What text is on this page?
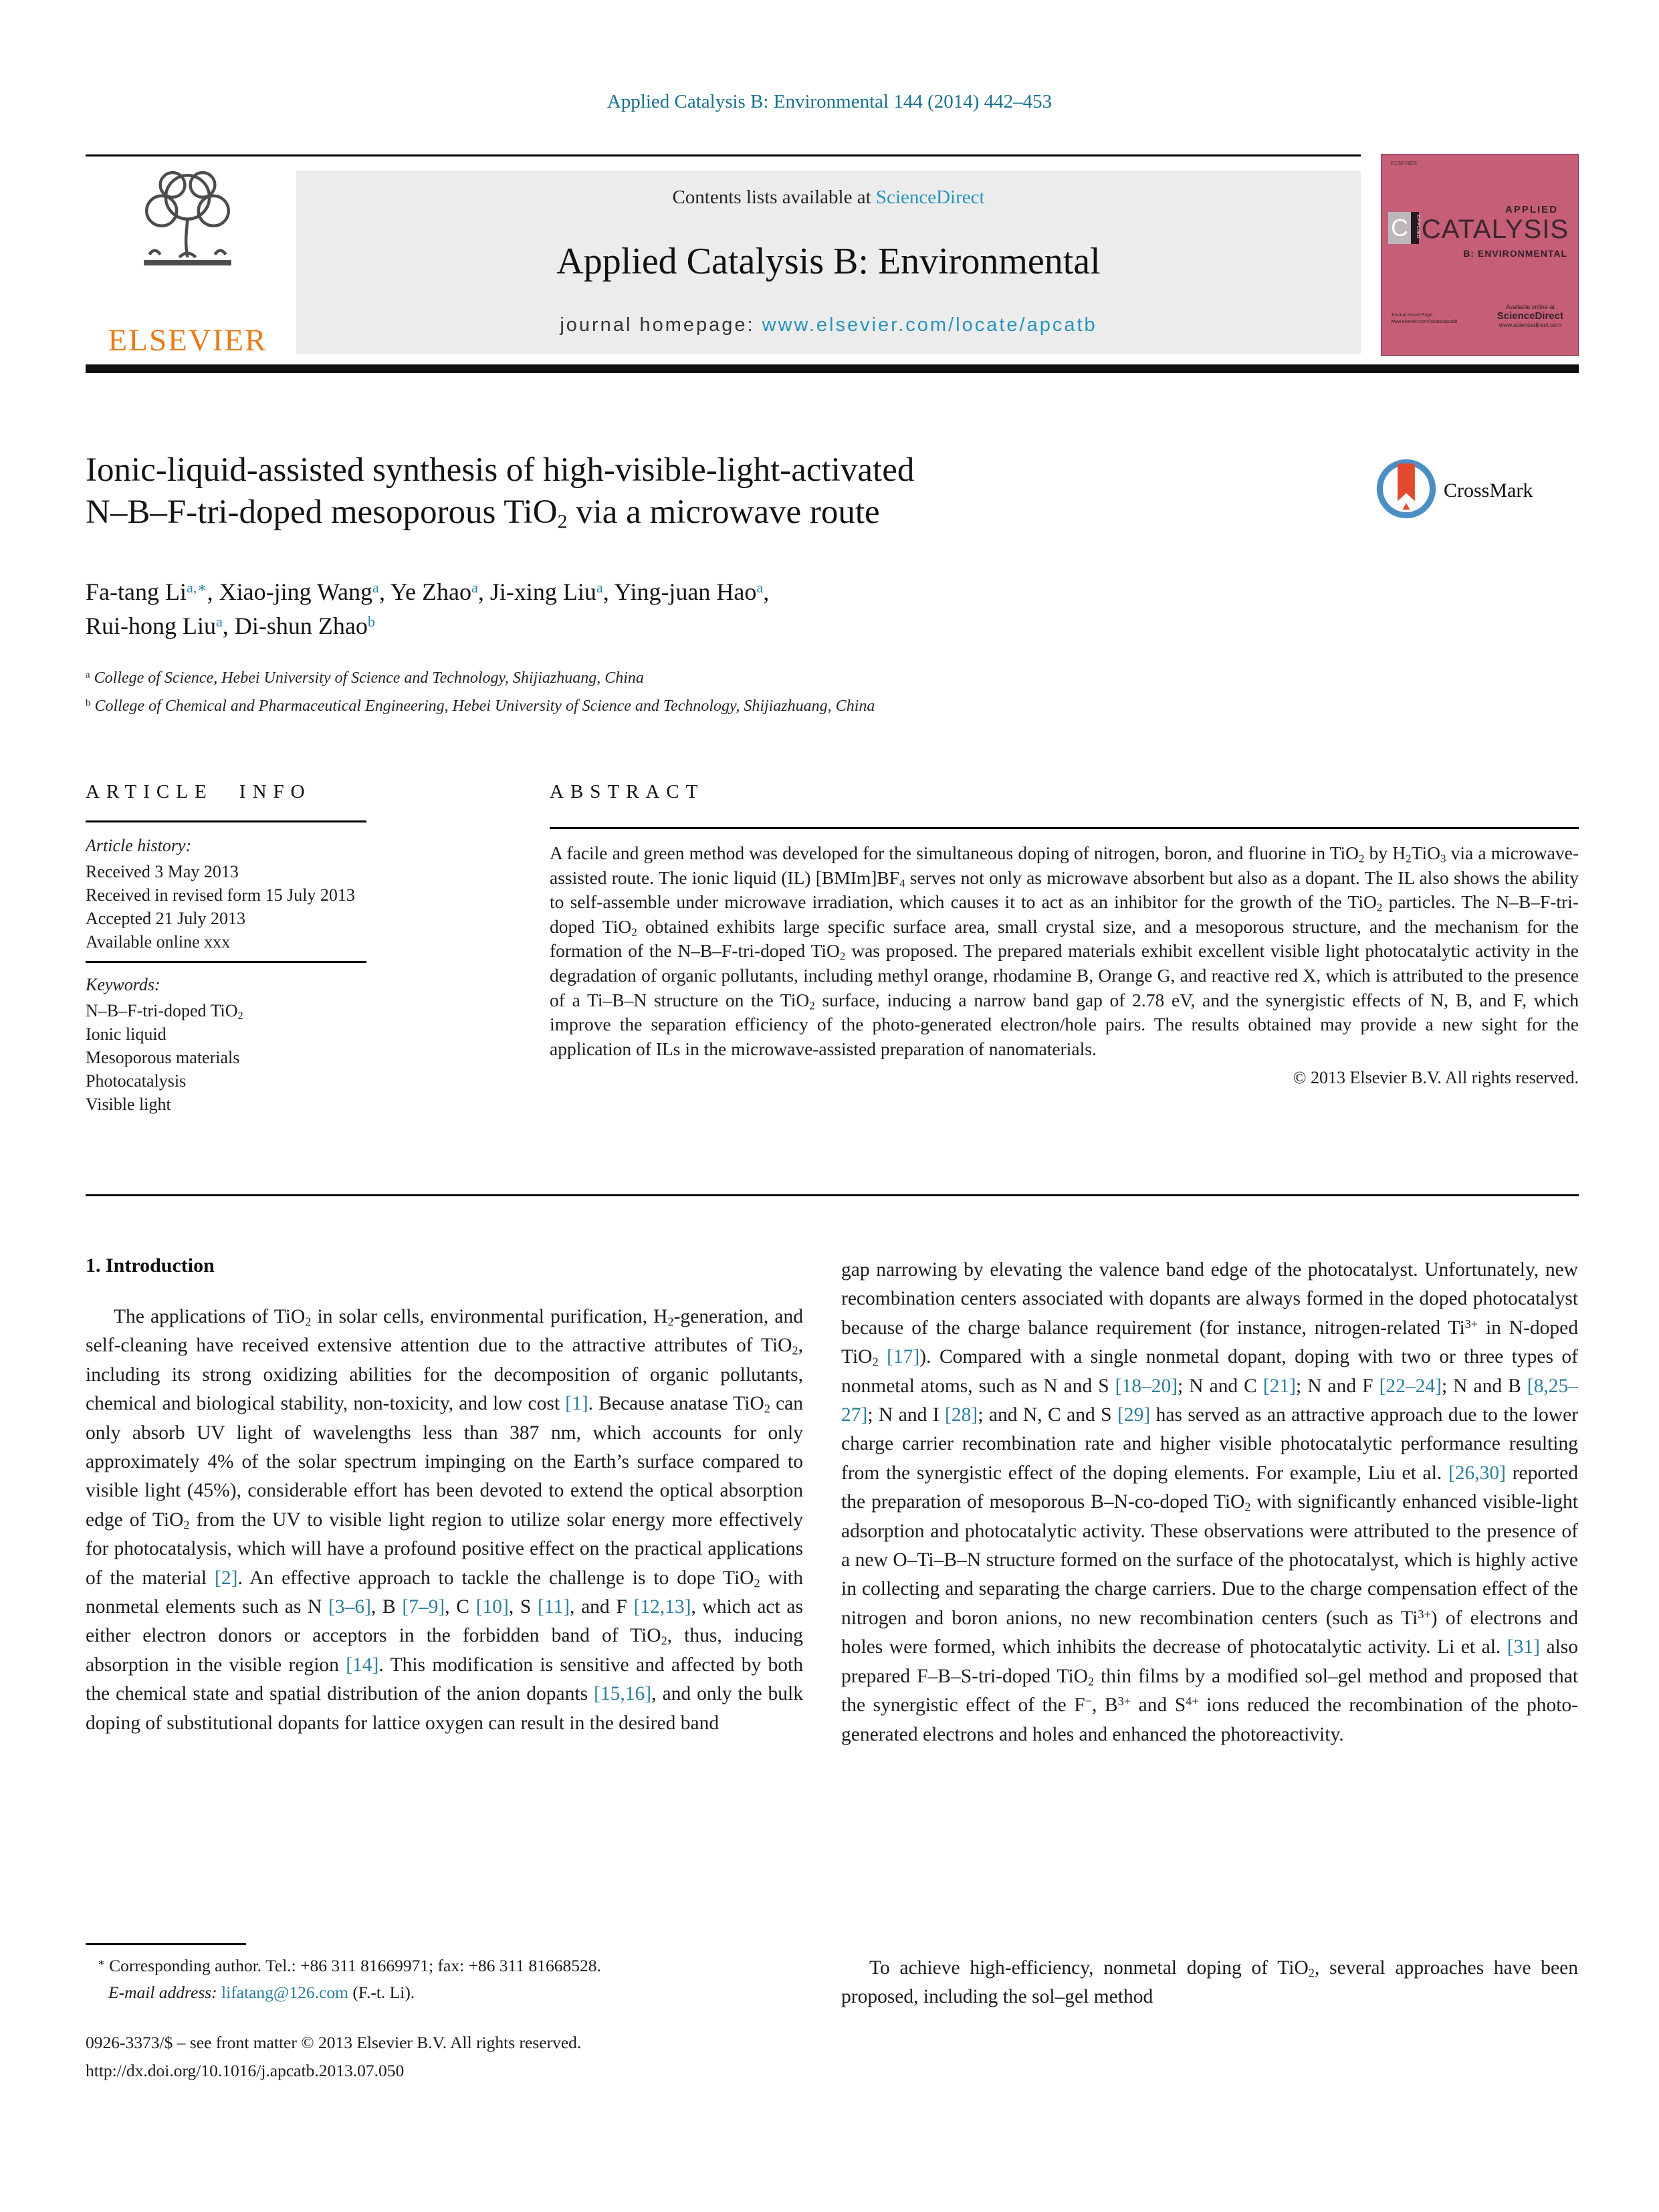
Applied Catalysis B: Environmental 144 (2014) 442–453
ELSEVIER
Contents lists available at ScienceDirect
Applied Catalysis B: Environmental
journal homepage: www.elsevier.com/locate/apcatb
ELSEVIER
APPLIED
CATALYSIS
C	APPLIED
B: ENVIRONMENTAL
Available online at
ScienceDirect
www.sciencedirect.com
Journal Home Page:
www.elsevier.com/locate/apcatb
CrossMark
Ionic-liquid-assisted synthesis of high-visible-light-activated
N–B–F-tri-doped mesoporous TiO$_2$ via a microwave route
Fa-tang Li$^{a,∗}$, Xiao-jing Wang$^a$, Ye Zhao$^a$, Ji-xing Liu$^a$, Ying-juan Hao$^a$,
Rui-hong Liu$^a$, Di-shun Zhao$^b$
$^a$ College of Science, Hebei University of Science and Technology, Shijiazhuang, China
$^b$ College of Chemical and Pharmaceutical Engineering, Hebei University of Science and Technology, Shijiazhuang, China
ARTICLE INFO
Article history:
Received 3 May 2013
Received in revised form 15 July 2013
Accepted 21 July 2013
Available online xxx
Keywords:
N–B–F-tri-doped TiO$_2$
Ionic liquid
Mesoporous materials
Photocatalysis
Visible light
ABSTRACT
A facile and green method was developed for the simultaneous doping of nitrogen, boron, and fluorine in TiO$_2$ by $H_2TiO_3$ via a microwave-assisted route. The ionic liquid (IL) $[BMIm]BF_4$ serves not only as microwave absorbent but also as a dopant. The IL also shows the ability to self-assemble under microwave irradiation, which causes it to act as an inhibitor for the growth of the TiO$_2$ particles. The N–B–F-tri-doped TiO$_2$ obtained exhibits large specific surface area, small crystal size, and a mesoporous structure, and the mechanism for the formation of the N–B–F-tri-doped TiO$_2$ was proposed. The prepared materials exhibit excellent visible light photocatalytic activity in the degradation of organic pollutants, including methyl orange, rhodamine B, Orange G, and reactive red X, which is attributed to the presence of a Ti–B–N structure on the TiO$_2$ surface, inducing a narrow band gap of 2.78 eV, and the synergistic effects of N, B, and F, which improve the separation efficiency of the photo-generated electron/hole pairs. The results obtained may provide a new sight for the application of ILs in the microwave-assisted preparation of nanomaterials.
© 2013 Elsevier B.V. All rights reserved.
1. Introduction
The applications of TiO$_2$ in solar cells, environmental purification, $H_2$-generation, and self-cleaning have received extensive attention due to the attractive attributes of TiO$_2$, including its strong oxidizing abilities for the decomposition of organic pollutants, chemical and biological stability, non-toxicity, and low cost [1]. Because anatase TiO$_2$ can only absorb UV light of wavelengths less than 387 nm, which accounts for only approximately 4% of the solar spectrum impinging on the Earth’s surface compared to visible light (45%), considerable effort has been devoted to extend the optical absorption edge of TiO$_2$ from the UV to visible light region to utilize solar energy more effectively for photocatalysis, which will have a profound positive effect on the practical applications of the material [2]. An effective approach to tackle the challenge is to dope TiO$_2$ with nonmetal elements such as N [3–6], B [7–9], C [10], S [11], and F [12,13], which act as either electron donors or acceptors in the forbidden band of TiO$_2$, thus, inducing absorption in the visible region [14]. This modification is sensitive and affected by both the chemical state and spatial distribution of the anion dopants [15,16], and only the bulk doping of substitutional dopants for lattice oxygen can result in the desired band
gap narrowing by elevating the valence band edge of the photocatalyst. Unfortunately, new recombination centers associated with dopants are always formed in the doped photocatalyst because of the charge balance requirement (for instance, nitrogen-related $Ti^{3+}$ in N-doped TiO$_2$ [17]). Compared with a single nonmetal dopant, doping with two or three types of nonmetal atoms, such as N and S [18–20]; N and C [21]; N and F [22–24]; N and B [8,25–27]; N and I [28]; and N, C and S [29] has served as an attractive approach due to the lower charge carrier recombination rate and higher visible photocatalytic performance resulting from the synergistic effect of the doping elements. For example, Liu et al. [26,30] reported the preparation of mesoporous B–N-co-doped TiO$_2$ with significantly enhanced visible-light adsorption and photocatalytic activity. These observations were attributed to the presence of a new O–Ti–B–N structure formed on the surface of the photocatalyst, which is highly active in collecting and separating the charge carriers. Due to the charge compensation effect of the nitrogen and boron anions, no new recombination centers (such as $Ti^{3+}$) of electrons and holes were formed, which inhibits the decrease of photocatalytic activity. Li et al. [31] also prepared F–B–S-tri-doped TiO$_2$ thin films by a modified sol–gel method and proposed that the synergistic effect of the F−, $B^{3+}$ and $S^{4+}$ ions reduced the recombination of the photo-generated electrons and holes and enhanced the photoreactivity.
To achieve high-efficiency, nonmetal doping of TiO$_2$, several approaches have been proposed, including the sol–gel method
∗ Corresponding author. Tel.: +86 311 81669971; fax: +86 311 81668528.
E-mail address: lifatang@126.com (F.-t. Li).
0926-3373/$ – see front matter © 2013 Elsevier B.V. All rights reserved.
http://dx.doi.org/10.1016/j.apcatb.2013.07.050
